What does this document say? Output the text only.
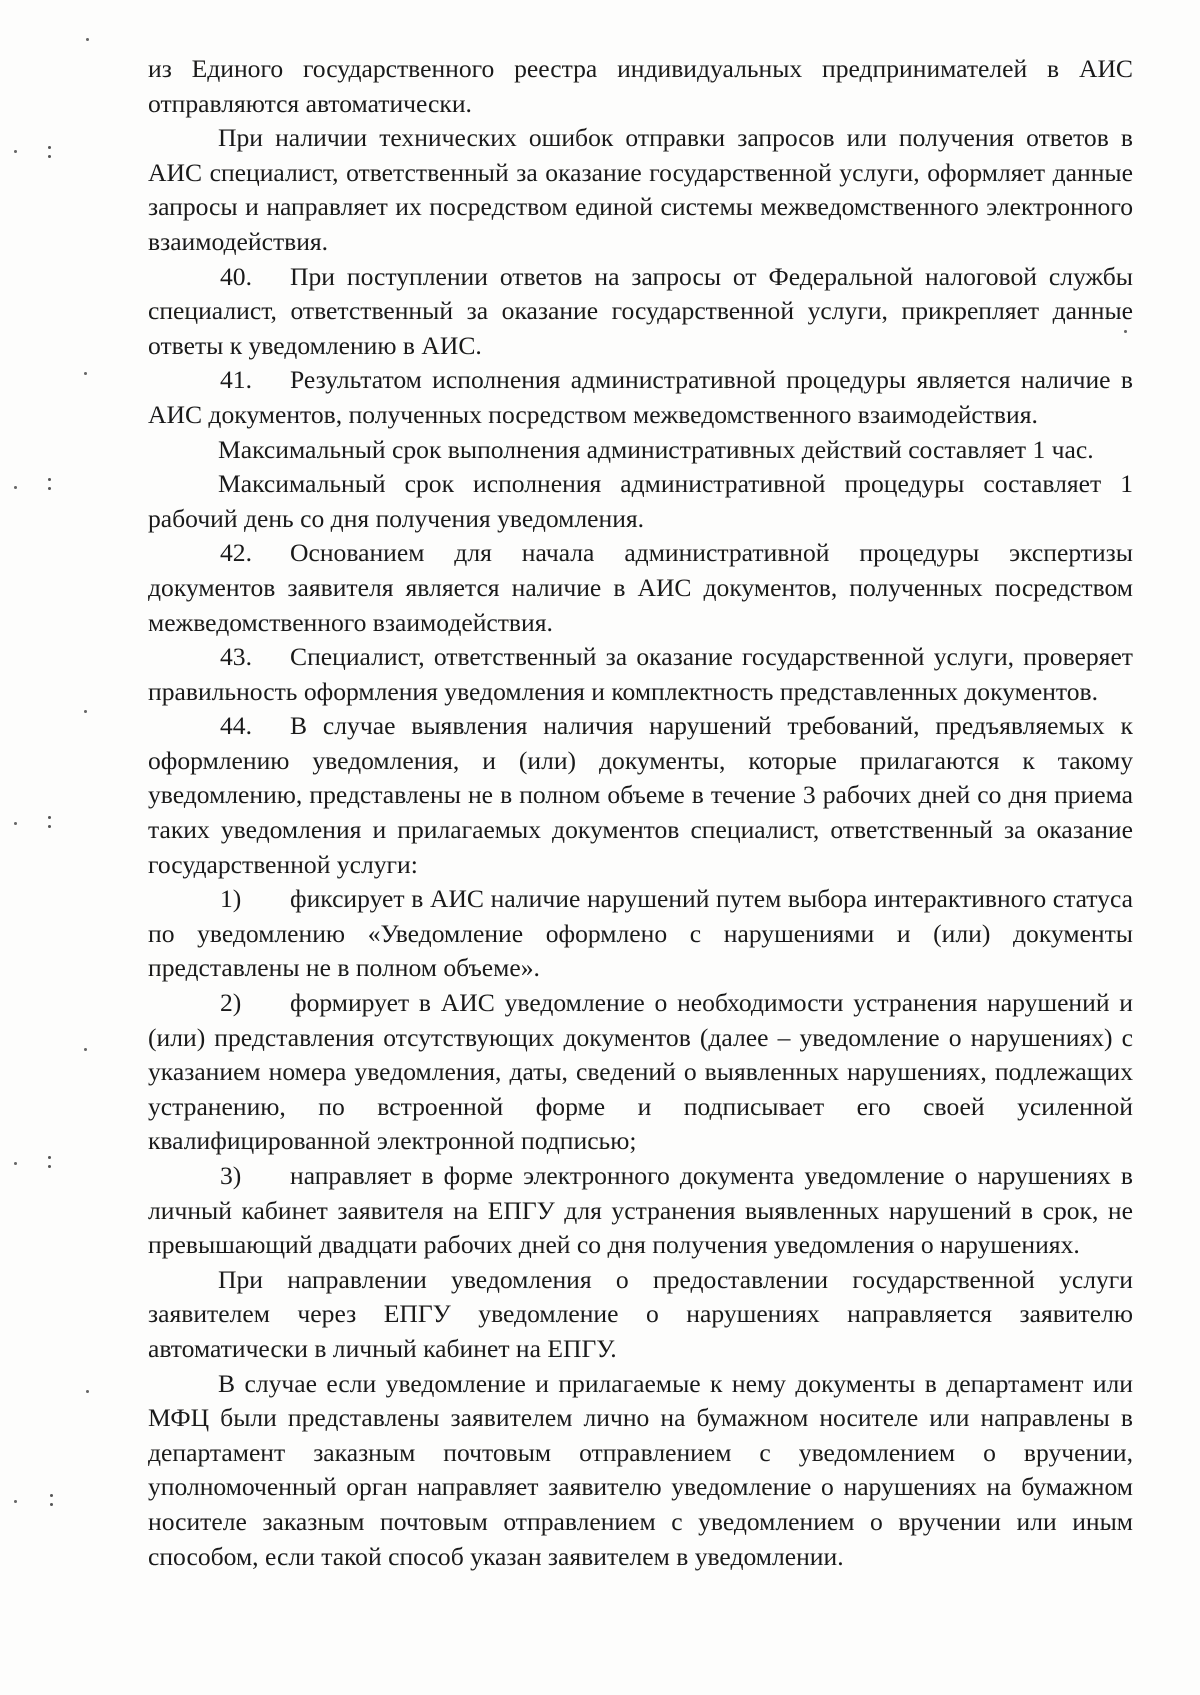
из Единого государственного реестра индивидуальных предпринимателей в АИС отправляются автоматически.

При наличии технических ошибок отправки запросов или получения ответов в АИС специалист, ответственный за оказание государственной услуги, оформляет данные запросы и направляет их посредством единой системы межведомственного электронного взаимодействия.

40. При поступлении ответов на запросы от Федеральной налоговой службы специалист, ответственный за оказание государственной услуги, прикрепляет данные ответы к уведомлению в АИС.

41. Результатом исполнения административной процедуры является наличие в АИС документов, полученных посредством межведомственного взаимодействия.

Максимальный срок выполнения административных действий составляет 1 час.

Максимальный срок исполнения административной процедуры составляет 1 рабочий день со дня получения уведомления.

42. Основанием для начала административной процедуры экспертизы документов заявителя является наличие в АИС документов, полученных посредством межведомственного взаимодействия.

43. Специалист, ответственный за оказание государственной услуги, проверяет правильность оформления уведомления и комплектность представленных документов.

44. В случае выявления наличия нарушений требований, предъявляемых к оформлению уведомления, и (или) документы, которые прилагаются к такому уведомлению, представлены не в полном объеме в течение 3 рабочих дней со дня приема таких уведомления и прилагаемых документов специалист, ответственный за оказание государственной услуги:

1) фиксирует в АИС наличие нарушений путем выбора интерактивного статуса по уведомлению «Уведомление оформлено с нарушениями и (или) документы представлены не в полном объеме».

2) формирует в АИС уведомление о необходимости устранения нарушений и (или) представления отсутствующих документов (далее – уведомление о нарушениях) с указанием номера уведомления, даты, сведений о выявленных нарушениях, подлежащих устранению, по встроенной форме и подписывает его своей усиленной квалифицированной электронной подписью;

3) направляет в форме электронного документа уведомление о нарушениях в личный кабинет заявителя на ЕПГУ для устранения выявленных нарушений в срок, не превышающий двадцати рабочих дней со дня получения уведомления о нарушениях.

При направлении уведомления о предоставлении государственной услуги заявителем через ЕПГУ уведомление о нарушениях направляется заявителю автоматически в личный кабинет на ЕПГУ.

В случае если уведомление и прилагаемые к нему документы в департамент или МФЦ были представлены заявителем лично на бумажном носителе или направлены в департамент заказным почтовым отправлением с уведомлением о вручении, уполномоченный орган направляет заявителю уведомление о нарушениях на бумажном носителе заказным почтовым отправлением с уведомлением о вручении или иным способом, если такой способ указан заявителем в уведомлении.
